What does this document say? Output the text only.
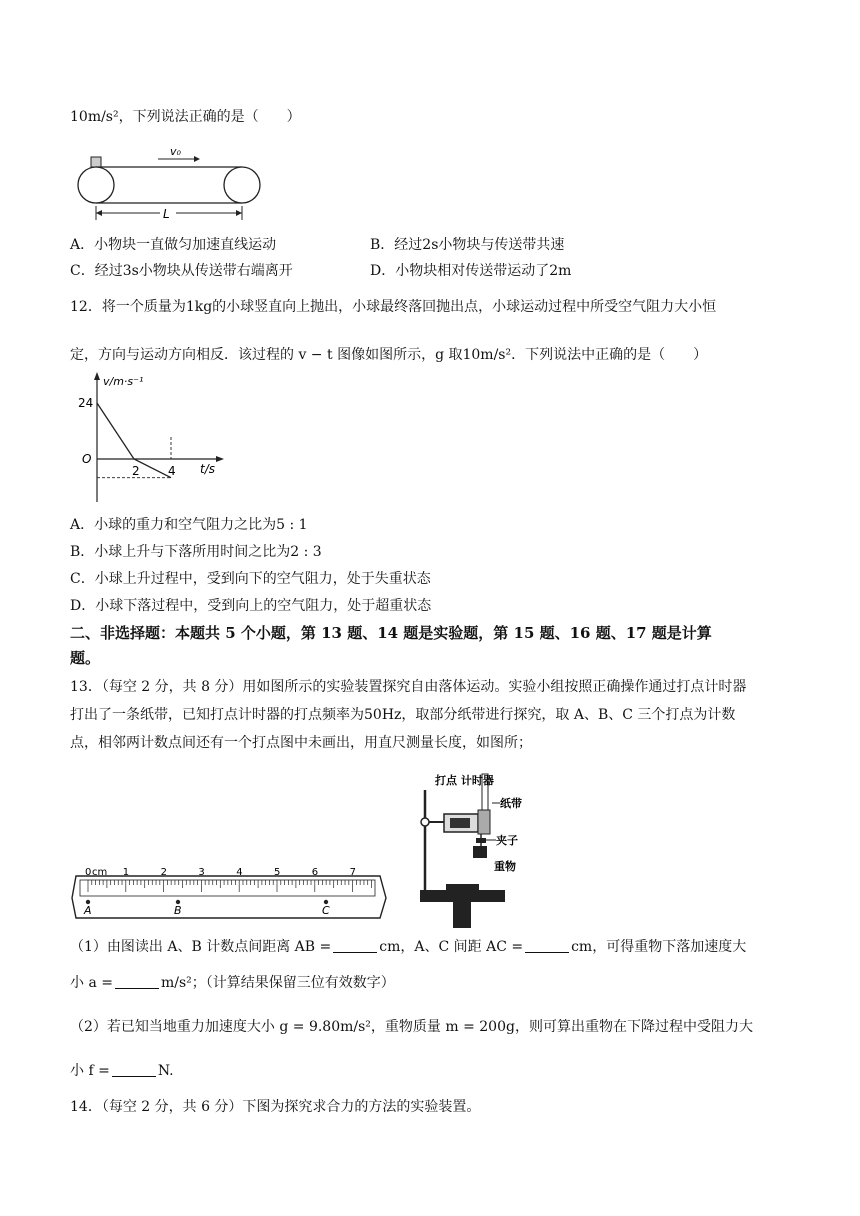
10m/s²，下列说法正确的是（　　）
v₀
L
A．小物块一直做匀加速直线运动	B．经过2s小物块与传送带共速
C．经过3s小物块从传送带右端离开	D．小物块相对传送带运动了2m
12．将一个质量为1kg的小球竖直向上抛出，小球最终落回抛出点，小球运动过程中所受空气阻力大小恒
定，方向与运动方向相反．该过程的 v − t 图像如图所示，g 取10m/s²．下列说法中正确的是（　　）
v/m·s⁻¹
24
O
2 4 t/s
A．小球的重力和空气阻力之比为5 : 1
B．小球上升与下落所用时间之比为2 : 3
C．小球上升过程中，受到向下的空气阻力，处于失重状态
D．小球下落过程中，受到向上的空气阻力，处于超重状态
二、非选择题：本题共 5 个小题，第 13 题、14 题是实验题，第 15 题、16 题、17 题是计算
题。
13．（每空 2 分，共 8 分）用如图所示的实验装置探究自由落体运动。实验小组按照正确操作通过打点计时器
打出了一条纸带，已知打点计时器的打点频率为50Hz，取部分纸带进行探究，取 A、B、C 三个打点为计数
点，相邻两计数点间还有一个打点图中未画出，用直尺测量长度，如图所；
0	1	2	3	4	5	6	7
cm
A	B	C
打点 计时器
纸带
夹子
重物
（1）由图读出 A、B 计数点间距离 AB =	cm，A、C 间距 AC =	cm，可得重物下落加速度大
小 a =	m/s²；（计算结果保留三位有效数字）
（2）若已知当地重力加速度大小 g = 9.80m/s²，重物质量 m = 200g，则可算出重物在下降过程中受阻力大
小 f =	N.
14．（每空 2 分，共 6 分）下图为探究求合力的方法的实验装置。
